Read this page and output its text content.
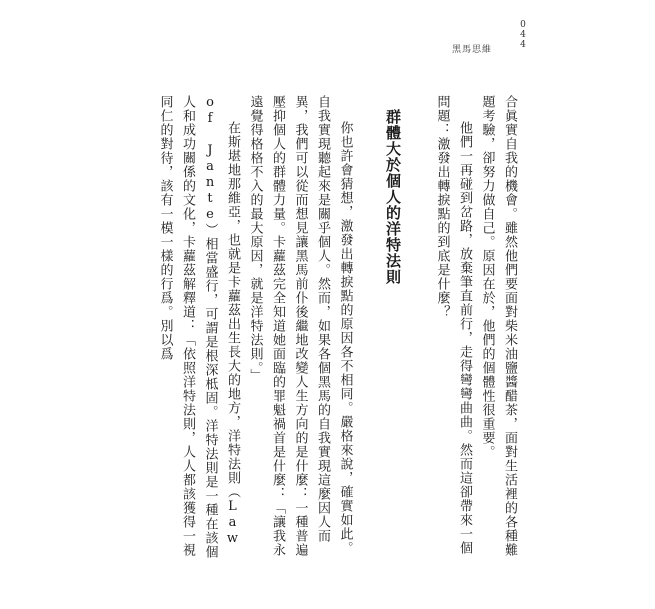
黑馬思維	044

合眞實自我的機會。雖然他們要面對柴米油鹽醬醋茶，面對生活裡的各種難題考驗，卻努力做自己。原因在於，他們的個體性很重要。

他們一再碰到岔路，放棄筆直前行，走得彎彎曲曲。然而這卻帶來一個問題：激發出轉捩點的到底是什麼？

群體大於個人的洋特法則

你也許會猜想，激發出轉捩點的原因各不相同。嚴格來說，確實如此。自我實現聽起來是關乎個人。然而，如果各個黑馬的自我實現這麼因人而異，我們可以從而想見讓黑馬前仆後繼地改變人生方向的是什麼：一種普遍壓抑個人的群體力量。卡蘿茲完全知道她面臨的罪魁禍首是什麼：「讓我永遠覺得格格不入的最大原因，就是洋特法則。」

在斯堪地那維亞，也就是卡蘿茲出生長大的地方，洋特法則（Law of Jante）相當盛行，可謂是根深柢固。洋特法則是一種在該個人和成功關係的文化，卡蘿茲解釋道：「依照洋特法則，人人都該獲得一視同仁的對待，該有一模一樣的行爲。別以爲
